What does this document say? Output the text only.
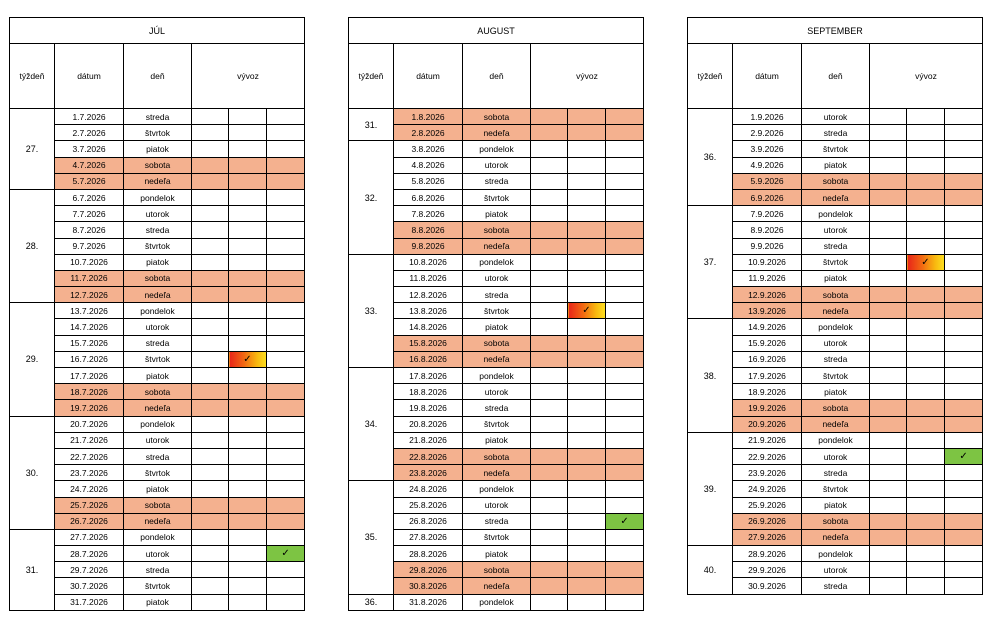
JÚL					
týždeň	dátum	deň	vývoz		
27.	1.7.2026	streda			
	2.7.2026	štvrtok			
	3.7.2026	piatok			
	4.7.2026	sobota			
	5.7.2026	nedeľa			
28.	6.7.2026	pondelok			
	7.7.2026	utorok			
	8.7.2026	streda			
	9.7.2026	štvrtok			
	10.7.2026	piatok			
	11.7.2026	sobota			
	12.7.2026	nedeľa			
29.	13.7.2026	pondelok			
	14.7.2026	utorok			
	15.7.2026	streda			
	16.7.2026	štvrtok		✓	
	17.7.2026	piatok			
	18.7.2026	sobota			
	19.7.2026	nedeľa			
30.	20.7.2026	pondelok			
	21.7.2026	utorok			
	22.7.2026	streda			
	23.7.2026	štvrtok			
	24.7.2026	piatok			
	25.7.2026	sobota			
	26.7.2026	nedeľa			
31.	27.7.2026	pondelok			
	28.7.2026	utorok			✓
	29.7.2026	streda			
	30.7.2026	štvrtok			
	31.7.2026	piatok			
AUGUST					
týždeň	dátum	deň	vývoz		
31.	1.8.2026	sobota			
	2.8.2026	nedeľa			
32.	3.8.2026	pondelok			
	4.8.2026	utorok			
	5.8.2026	streda			
	6.8.2026	štvrtok			
	7.8.2026	piatok			
	8.8.2026	sobota			
	9.8.2026	nedeľa			
33.	10.8.2026	pondelok			
	11.8.2026	utorok			
	12.8.2026	streda			
	13.8.2026	štvrtok		✓	
	14.8.2026	piatok			
	15.8.2026	sobota			
	16.8.2026	nedeľa			
34.	17.8.2026	pondelok			
	18.8.2026	utorok			
	19.8.2026	streda			
	20.8.2026	štvrtok			
	21.8.2026	piatok			
	22.8.2026	sobota			
	23.8.2026	nedeľa			
35.	24.8.2026	pondelok			
	25.8.2026	utorok			
	26.8.2026	streda			✓
	27.8.2026	štvrtok			
	28.8.2026	piatok			
	29.8.2026	sobota			
	30.8.2026	nedeľa			
36.	31.8.2026	pondelok			
SEPTEMBER					
týždeň	dátum	deň	vývoz		
36.	1.9.2026	utorok			
	2.9.2026	streda			
	3.9.2026	štvrtok			
	4.9.2026	piatok			
	5.9.2026	sobota			
	6.9.2026	nedeľa			
37.	7.9.2026	pondelok			
	8.9.2026	utorok			
	9.9.2026	streda			
	10.9.2026	štvrtok		✓	
	11.9.2026	piatok			
	12.9.2026	sobota			
	13.9.2026	nedeľa			
38.	14.9.2026	pondelok			
	15.9.2026	utorok			
	16.9.2026	streda			
	17.9.2026	štvrtok			
	18.9.2026	piatok			
	19.9.2026	sobota			
	20.9.2026	nedeľa			
39.	21.9.2026	pondelok			
	22.9.2026	utorok			✓
	23.9.2026	streda			
	24.9.2026	štvrtok			
	25.9.2026	piatok			
	26.9.2026	sobota			
	27.9.2026	nedeľa			
40.	28.9.2026	pondelok			
	29.9.2026	utorok			
	30.9.2026	streda			
